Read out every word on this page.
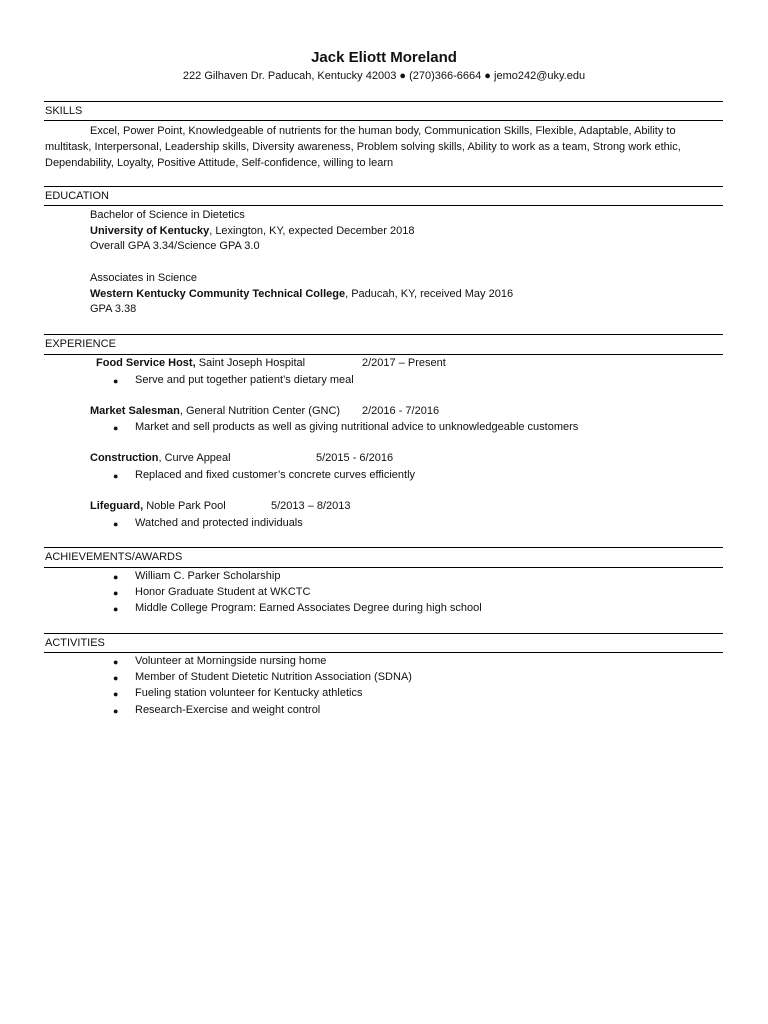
Jack Eliott Moreland
222 Gilhaven Dr. Paducah, Kentucky 42003 ● (270)366-6664 ● jemo242@uky.edu
SKILLS
Excel, Power Point, Knowledgeable of nutrients for the human body, Communication Skills, Flexible, Adaptable, Ability to multitask, Interpersonal, Leadership skills, Diversity awareness, Problem solving skills, Ability to work as a team, Strong work ethic, Dependability, Loyalty, Positive Attitude, Self-confidence, willing to learn
EDUCATION
Bachelor of Science in Dietetics
University of Kentucky, Lexington, KY, expected December 2018
Overall GPA 3.34/Science GPA 3.0
Associates in Science
Western Kentucky Community Technical College, Paducah, KY, received May 2016
GPA 3.38
EXPERIENCE
Food Service Host, Saint Joseph Hospital	2/2017 – Present
● Serve and put together patient’s dietary meal
Market Salesman, General Nutrition Center (GNC) 2/2016 - 7/2016
● Market and sell products as well as giving nutritional advice to unknowledgeable customers
Construction, Curve Appeal	5/2015 - 6/2016
● Replaced and fixed customer’s concrete curves efficiently
Lifeguard, Noble Park Pool	5/2013 – 8/2013
● Watched and protected individuals
ACHIEVEMENTS/AWARDS
● William C. Parker Scholarship
● Honor Graduate Student at WKCTC
● Middle College Program: Earned Associates Degree during high school
ACTIVITIES
● Volunteer at Morningside nursing home
● Member of Student Dietetic Nutrition Association (SDNA)
● Fueling station volunteer for Kentucky athletics
● Research-Exercise and weight control
